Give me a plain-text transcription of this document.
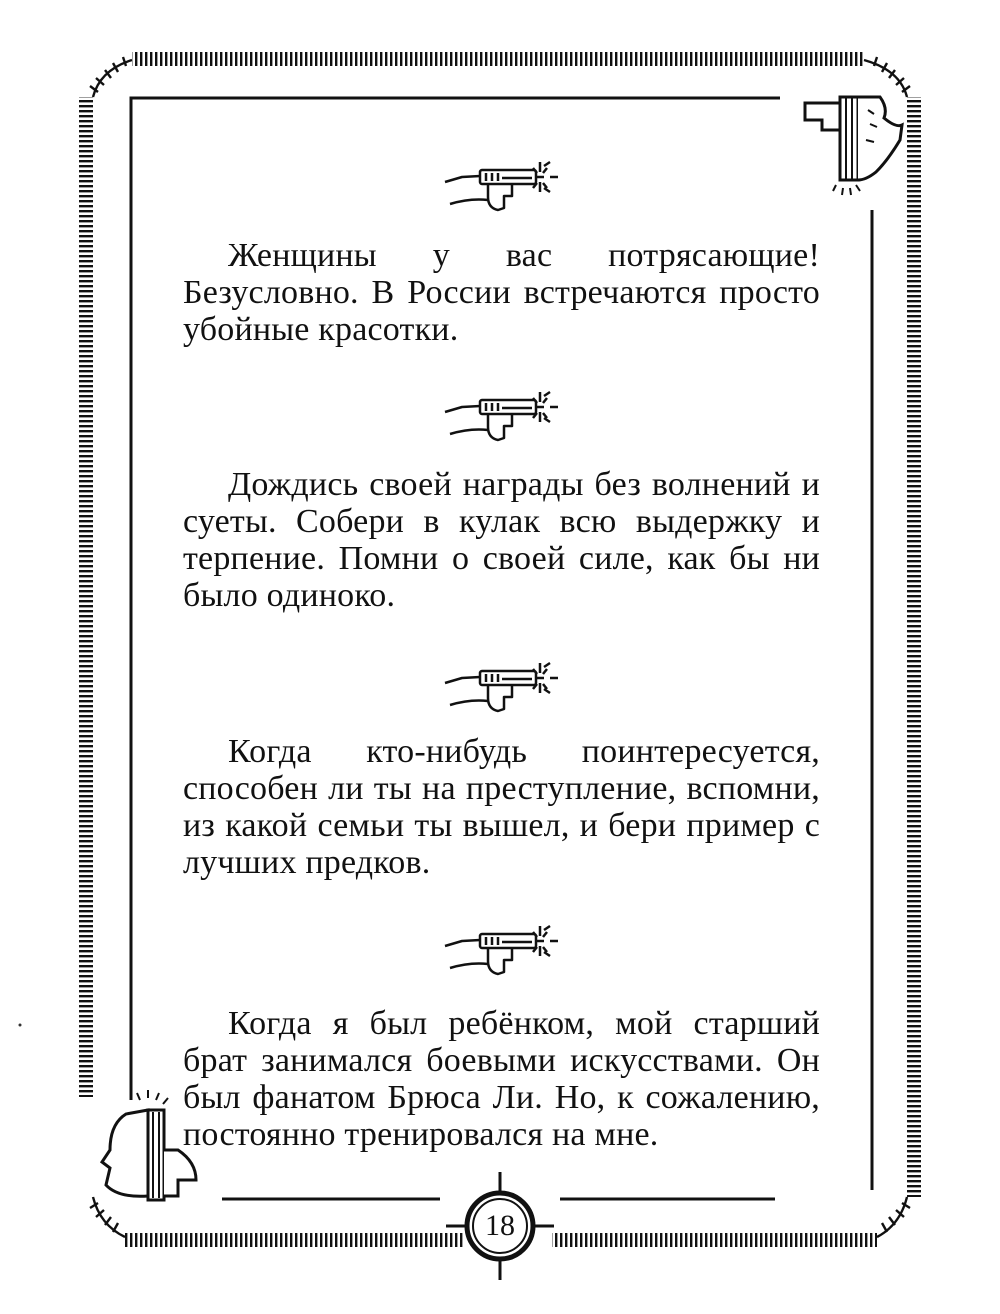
Женщины у вас потрясающие! Безусловно. В России встречаются просто убойные красотки.

Дождись своей награды без волнений и суеты. Собери в кулак всю выдержку и терпение. Помни о своей силе, как бы ни было одиноко.

Когда кто-нибудь поинтересуется, способен ли ты на преступление, вспомни, из какой семьи ты вышел, и бери пример с лучших предков.

Когда я был ребёнком, мой старший брат занимался боевыми искусствами. Он был фанатом Брюса Ли. Но, к сожалению, постоянно тренировался на мне.

18
